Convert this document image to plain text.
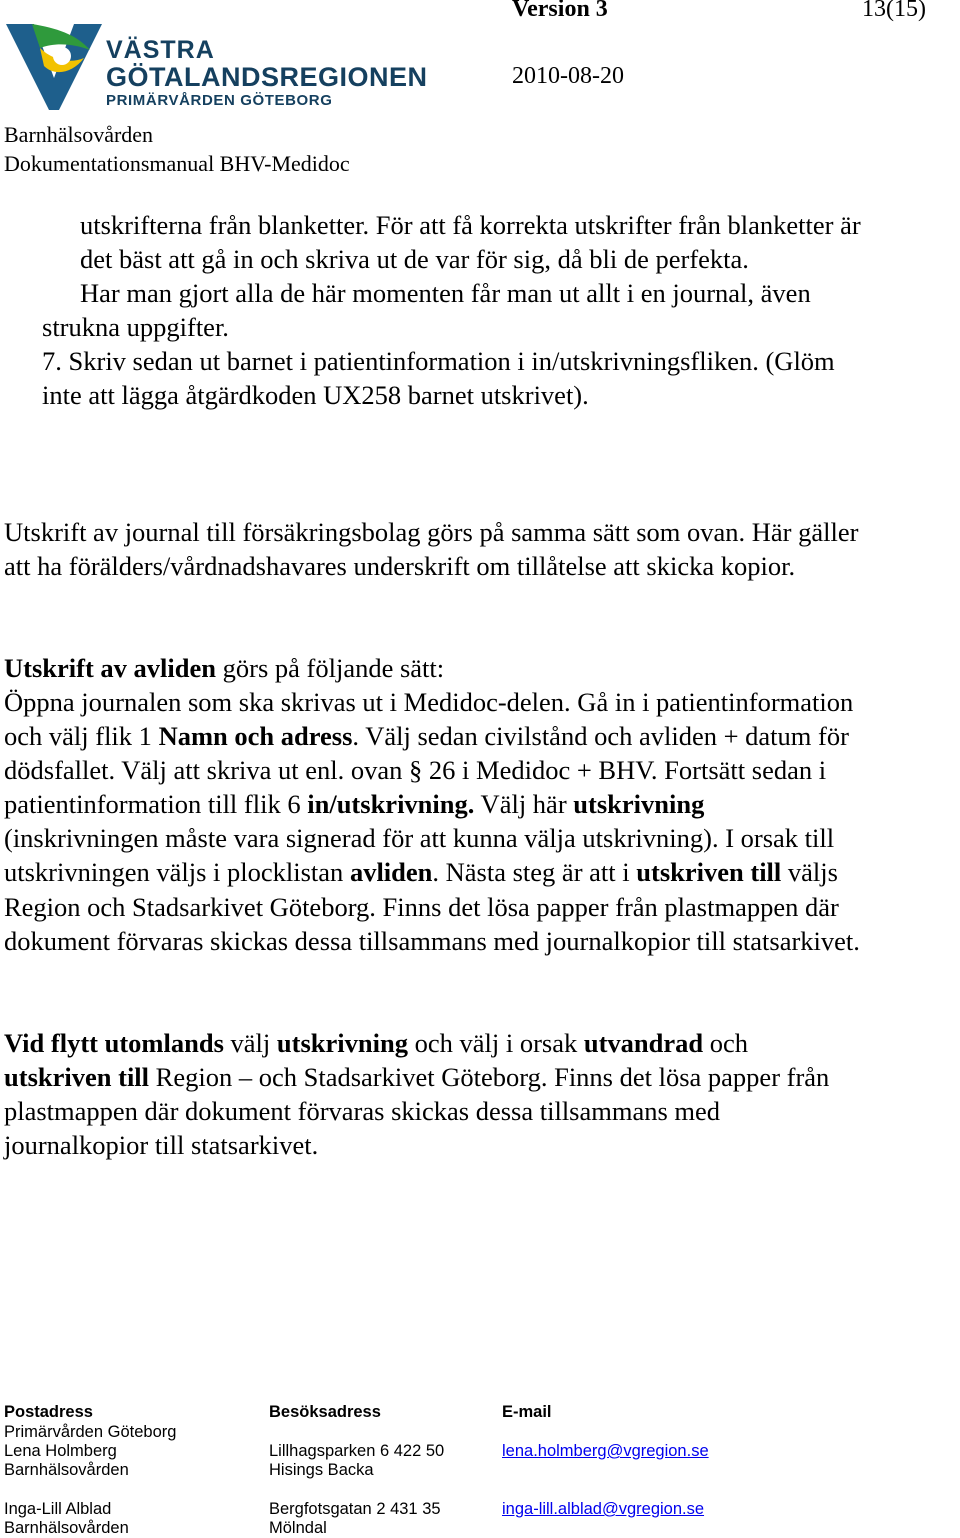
VÄSTRA
GÖTALANDSREGIONEN
PRIMÄRVÅRDEN GÖTEBORG
Version 3	13(15)
2010-08-20
Barnhälsovården
Dokumentationsmanual BHV-Medidoc
utskrifterna från blanketter. För att få korrekta utskrifter från blanketter är
det bäst att gå in och skriva ut de var för sig, då bli de perfekta.
Har man gjort alla de här momenten får man ut allt i en journal, även
strukna uppgifter.
7. Skriv sedan ut barnet i patientinformation i in/utskrivningsfliken. (Glöm
inte att lägga åtgärdkoden UX258 barnet utskrivet).
Utskrift av journal till försäkringsbolag görs på samma sätt som ovan. Här gäller
att ha förälders/vårdnadshavares underskrift om tillåtelse att skicka kopior.
Utskrift av avliden görs på följande sätt:
Öppna journalen som ska skrivas ut i Medidoc-delen. Gå in i patientinformation
och välj flik 1 Namn och adress. Välj sedan civilstånd och avliden + datum för
dödsfallet. Välj att skriva ut enl. ovan § 26 i Medidoc + BHV. Fortsätt sedan i
patientinformation till flik 6 in/utskrivning. Välj här utskrivning
(inskrivningen måste vara signerad för att kunna välja utskrivning). I orsak till
utskrivningen väljs i plocklistan avliden. Nästa steg är att i utskriven till väljs
Region och Stadsarkivet Göteborg. Finns det lösa papper från plastmappen där
dokument förvaras skickas dessa tillsammans med journalkopior till statsarkivet.
Vid flytt utomlands välj utskrivning och välj i orsak utvandrad och
utskriven till Region – och Stadsarkivet Göteborg. Finns det lösa papper från
plastmappen där dokument förvaras skickas dessa tillsammans med
journalkopior till statsarkivet.
Postadress	Besöksadress	E-mail
Primärvården Göteborg
Lena Holmberg	Lillhagsparken 6 422 50	lena.holmberg@vgregion.se
Barnhälsovården	Hisings Backa
Inga-Lill Alblad	Bergfotsgatan 2 431 35	inga-lill.alblad@vgregion.se
Barnhälsovården	Mölndal
